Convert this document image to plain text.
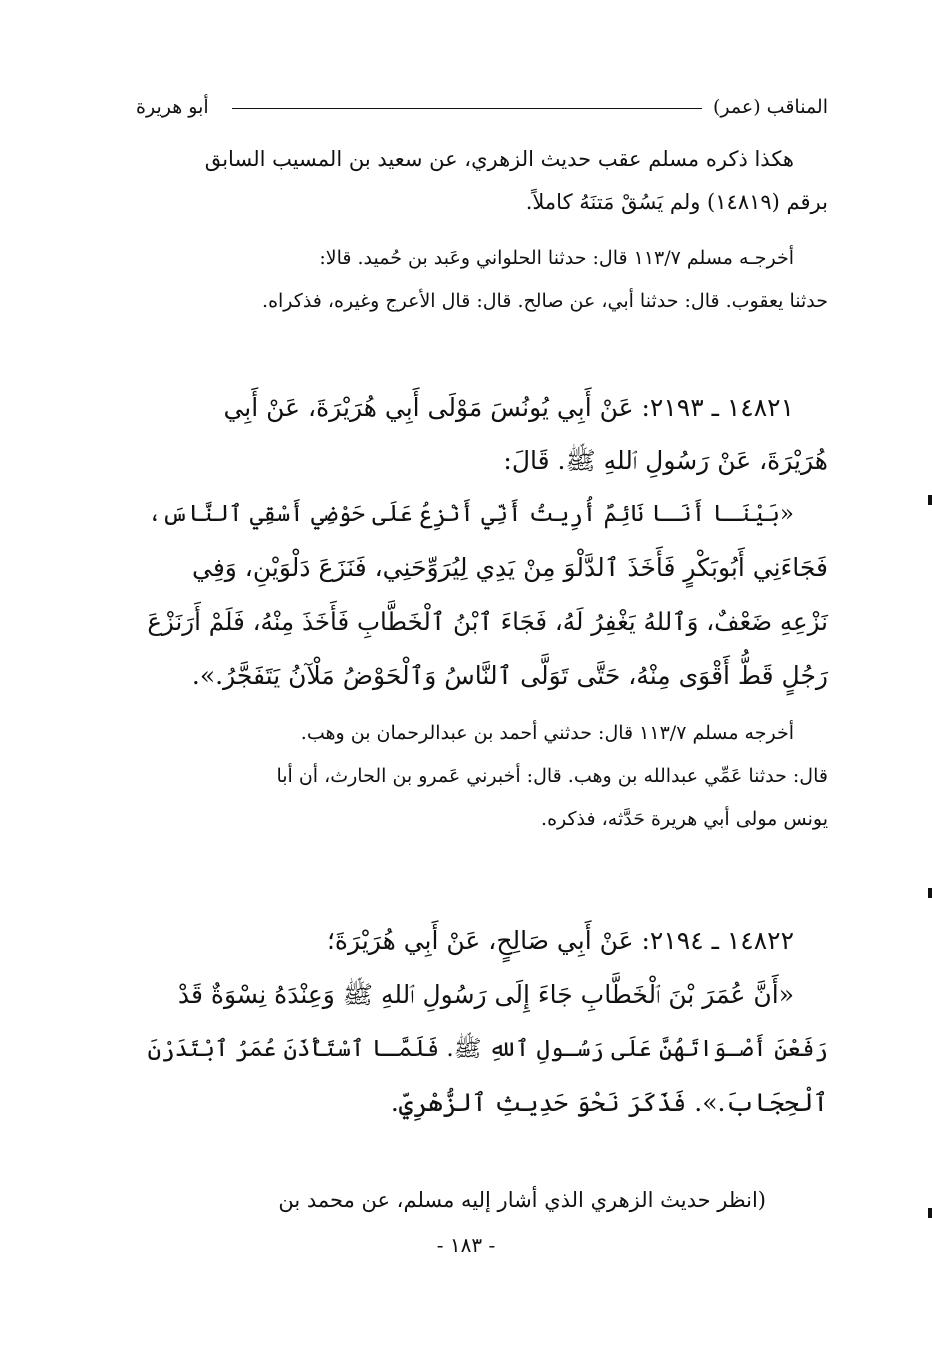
المناقب (عمر)
أبو هريرة
هكذا ذكره مسلم عقب حديث الزهري، عن سعيد بن المسيب السابق
برقم (١٤٨١٩) ولم يَسُقْ مَتنَهُ كاملاً.
أخرجـه مسلم ١١٣/٧ قال: حدثنا الحلواني وعَبد بن حُميد. قالا:
حدثنا يعقوب. قال: حدثنا أبي، عن صالح. قال: قال الأعرج وغيره، فذكراه.
١٤٨٢١ ـ ٢١٩٣: عَنْ أَبِي يُونُسَ مَوْلَى أَبِي هُرَيْرَةَ، عَنْ أَبِي
هُرَيْرَةَ، عَنْ رَسُولِ ٱللهِ ﷺ. قَالَ:
«بَيْنَـا أَنَـا نَائِمٌ أُرِيتُ أَنِّي أَنْزِعُ عَلَى حَوْضِي أَسْقِي ٱلنَّاسَ،
فَجَاءَنِي أَبُوبَكْرٍ فَأَخَذَ ٱلدَّلْوَ مِنْ يَدِي لِيُرَوِّحَنِي، فَنَزَعَ دَلْوَيْنِ، وَفِي
نَزْعِهِ ضَعْفٌ، وَٱللهُ يَغْفِرُ لَهُ، فَجَاءَ ٱبْنُ ٱلْخَطَّابِ فَأَخَذَ مِنْهُ، فَلَمْ أَرَنَزْعَ
رَجُلٍ قَطُّ أَقْوَى مِنْهُ، حَتَّى تَوَلَّى ٱلنَّاسُ وَٱلْحَوْضُ مَلْآنُ يَتَفَجَّرُ.».
أخرجه مسلم ١١٣/٧ قال: حدثني أحمد بن عبدالرحمان بن وهب.
قال: حدثنا عَمِّي عبدالله بن وهب. قال: أخبرني عَمرو بن الحارث، أن أبا
يونس مولى أبي هريرة حَدَّثه، فذكره.
١٤٨٢٢ ـ ٢١٩٤: عَنْ أَبِي صَالِحٍ، عَنْ أَبِي هُرَيْرَةَ؛
«أَنَّ عُمَرَ بْنَ ٱلْخَطَّابِ جَاءَ إِلَى رَسُولِ ٱللهِ ﷺ وَعِنْدَهُ نِسْوَةٌ قَدْ
رَفَعْنَ أَصْـوَاتَهُنَّ عَلَى رَسُـولِ ٱللهِ ﷺ. فَلَمَّـا ٱسْتَأْذَنَ عُمَرُ ٱبْتَدَرْنَ
ٱلْحِجَابَ.». فَذَكَرَ نَحْوَ حَدِيثِ ٱلزُّهْرِيِّ.
(انظر حديث الزهري الذي أشار إليه مسلم، عن محمد بن
- ١٨٣ -
